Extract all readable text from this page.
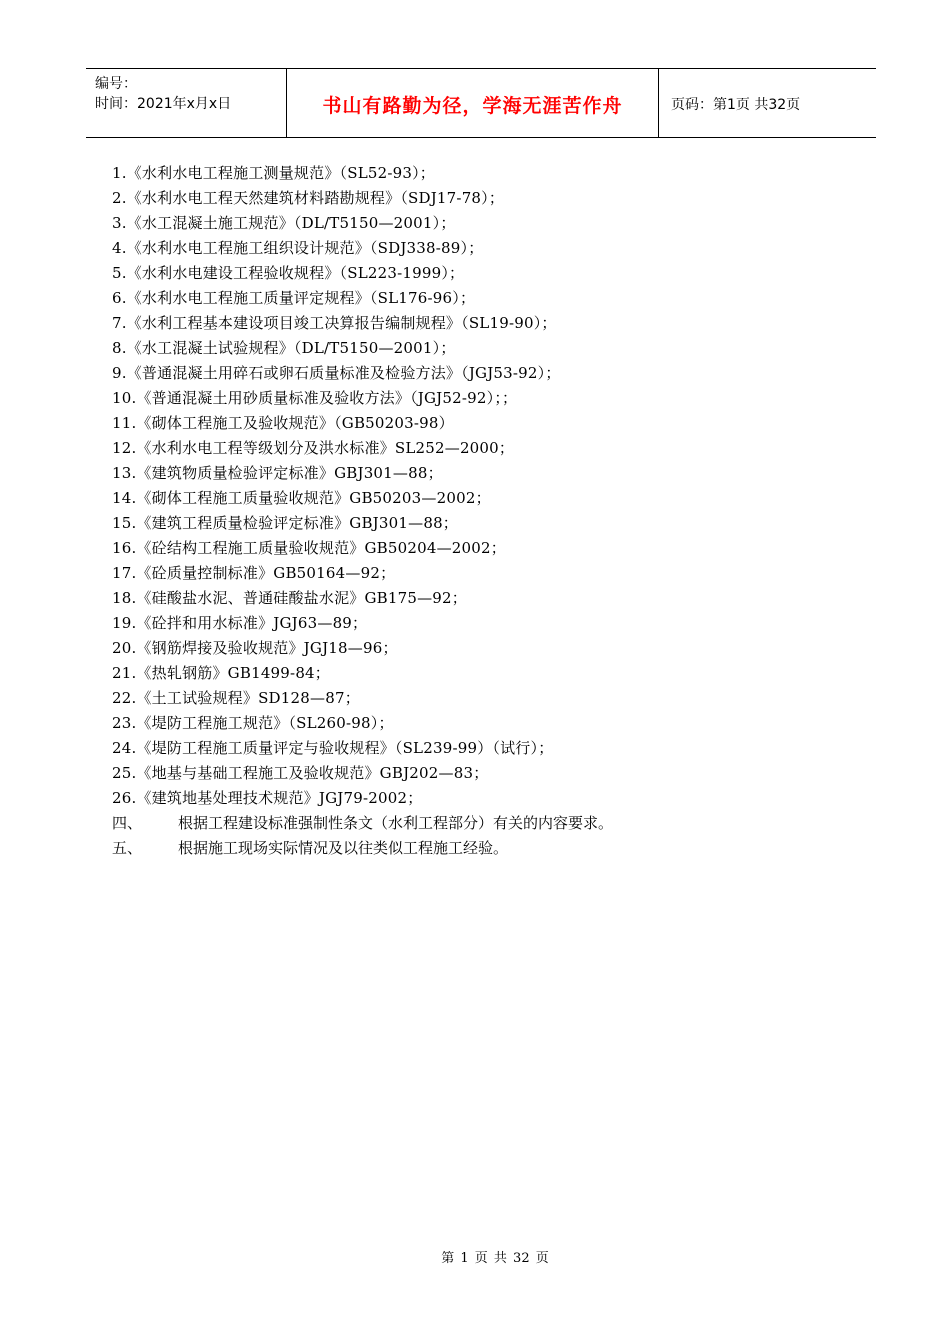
编号：
时间：2021年x月x日	书山有路勤为径，学海无涯苦作舟	页码：第1页 共32页
1.《水利水电工程施工测量规范》（SL52-93）；
2.《水利水电工程天然建筑材料踏勘规程》（SDJ17-78）；
3.《水工混凝土施工规范》（DL/T5150—2001）；
4.《水利水电工程施工组织设计规范》（SDJ338-89）；
5.《水利水电建设工程验收规程》（SL223-1999）；
6.《水利水电工程施工质量评定规程》（SL176-96）；
7.《水利工程基本建设项目竣工决算报告编制规程》（SL19-90）；
8.《水工混凝土试验规程》（DL/T5150—2001）；
9.《普通混凝土用碎石或卵石质量标准及检验方法》（JGJ53-92）；
10.《普通混凝土用砂质量标准及验收方法》（JGJ52-92）；；
11.《砌体工程施工及验收规范》（GB50203-98）
12.《水利水电工程等级划分及洪水标准》SL252—2000；
13.《建筑物质量检验评定标准》GBJ301—88；
14.《砌体工程施工质量验收规范》GB50203—2002；
15.《建筑工程质量检验评定标准》GBJ301—88；
16.《砼结构工程施工质量验收规范》GB50204—2002；
17.《砼质量控制标准》GB50164—92；
18.《硅酸盐水泥、普通硅酸盐水泥》GB175—92；
19.《砼拌和用水标准》JGJ63—89；
20.《钢筋焊接及验收规范》JGJ18—96；
21.《热轧钢筋》GB1499-84；
22.《土工试验规程》SD128—87；
23.《堤防工程施工规范》（SL260-98）；
24.《堤防工程施工质量评定与验收规程》（SL239-99）（试行）；
25.《地基与基础工程施工及验收规范》GBJ202—83；
26.《建筑地基处理技术规范》JGJ79-2002；
四、 根据工程建设标准强制性条文（水利工程部分）有关的内容要求。
五、 根据施工现场实际情况及以往类似工程施工经验。
第 1 页 共 32 页
